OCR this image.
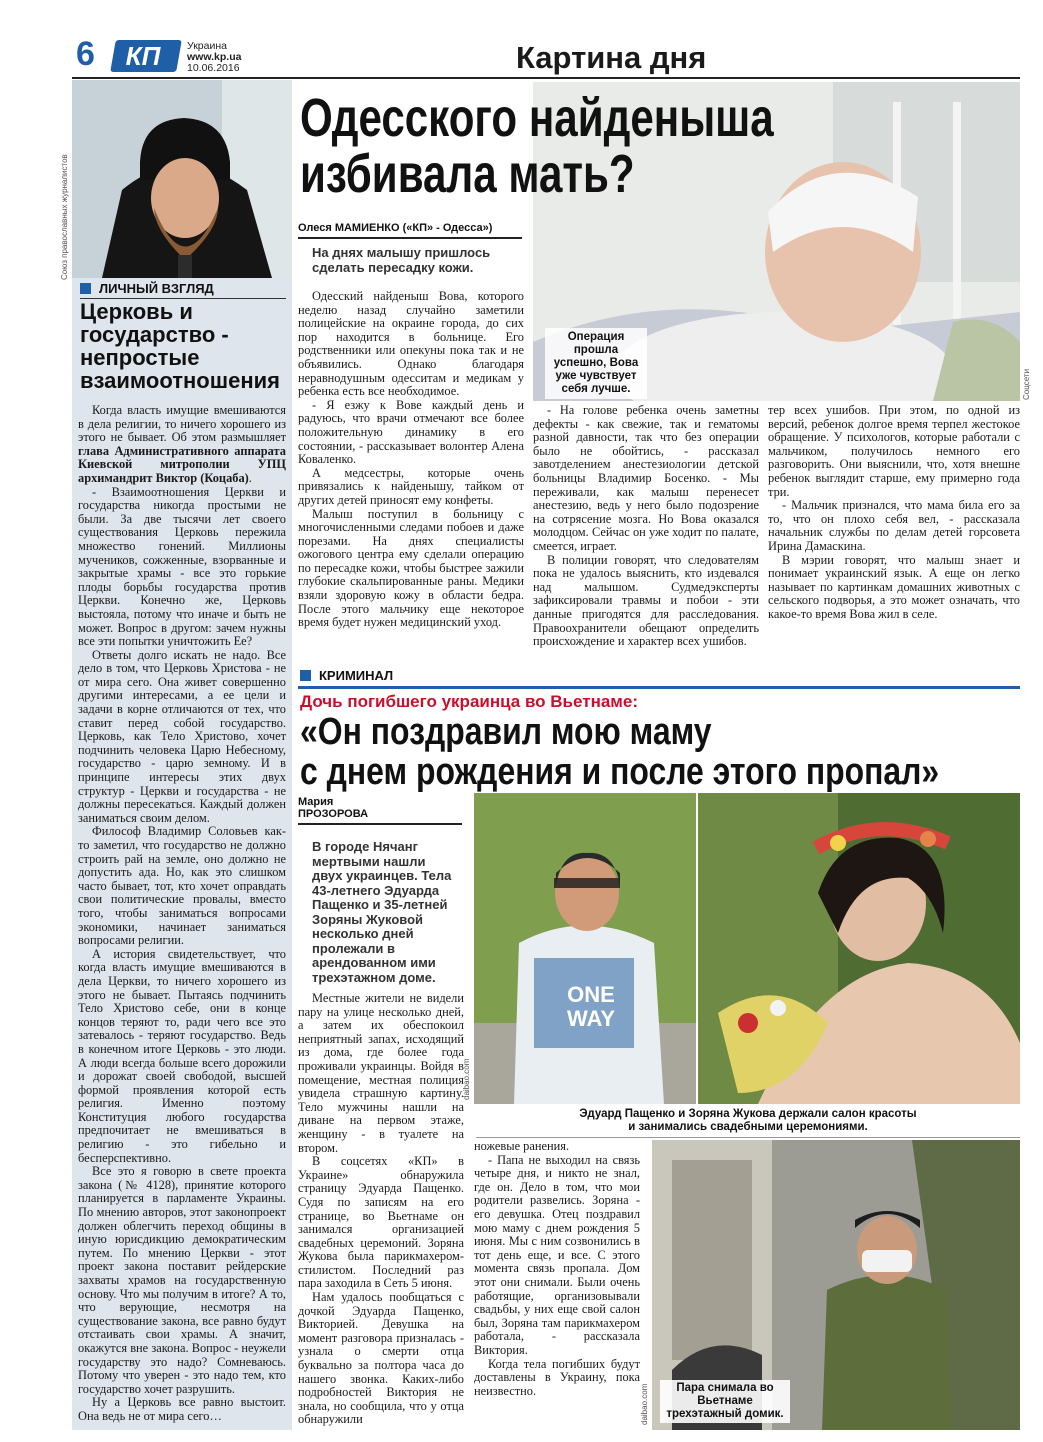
6 КП	Украина
www.kp.ua
10.06.2016	Картина дня
Союз православных журналистов
ЛИЧНЫЙ ВЗГЛЯД
Церковь и государство - непростые взаимоотношения

Когда власть имущие вмешиваются в дела религии, то ничего хорошего из этого не бывает. Об этом размышляет глава Административного аппарата Киевской митрополии УПЦ архимандрит Виктор (Коцаба).

- Взаимоотношения Церкви и государства никогда простыми не были. За две тысячи лет своего существования Церковь пережила множество гонений. Миллионы мучеников, сожженные, взорванные и закрытые храмы - все это горькие плоды борьбы государства против Церкви. Конечно же, Церковь выстояла, потому что иначе и быть не может. Вопрос в другом: зачем нужны все эти попытки уничтожить Ее?

Ответы долго искать не надо. Все дело в том, что Церковь Христова - не от мира сего. Она живет совершенно другими интересами, а ее цели и задачи в корне отличаются от тех, что ставит перед собой государство. Церковь, как Тело Христово, хочет подчинить человека Царю Небесному, государство - царю земному. И в принципе интересы этих двух структур - Церкви и государства - не должны пересекаться. Каждый должен заниматься своим делом.

Философ Владимир Соловьев как-то заметил, что государство не должно строить рай на земле, оно должно не допустить ада. Но, как это слишком часто бывает, тот, кто хочет оправдать свои политические провалы, вместо того, чтобы заниматься вопросами экономики, начинает заниматься вопросами религии.

А история свидетельствует, что когда власть имущие вмешиваются в дела Церкви, то ничего хорошего из этого не бывает. Пытаясь подчинить Тело Христово себе, они в конце концов теряют то, ради чего все это затевалось - теряют государство. Ведь в конечном итоге Церковь - это люди. А люди всегда больше всего дорожили и дорожат своей свободой, высшей формой проявления которой есть религия. Именно поэтому Конституция любого государства предпочитает не вмешиваться в религию - это гибельно и бесперспективно.

Все это я говорю в свете проекта закона (№ 4128), принятие которого планируется в парламенте Украины. По мнению авторов, этот законопроект должен облегчить переход общины в иную юрисдикцию демократическим путем. По мнению Церкви - этот проект закона поставит рейдерские захваты храмов на государственную основу. Что мы получим в итоге? А то, что верующие, несмотря на существование закона, все равно будут отстаивать свои храмы. А значит, окажутся вне закона. Вопрос - неужели государству это надо? Сомневаюсь. Потому что уверен - это надо тем, кто государство хочет разрушить.

Ну а Церковь все равно выстоит. Она ведь не от мира сего…

Соцсети
Операция прошла успешно, Вова уже чувствует себя лучше.
Одесского найденыша
избивала мать?
Олеся МАМИЕНКО («КП» - Одесса»)
На днях малышу пришлось сделать пересадку кожи.

Одесский найденыш Вова, которого неделю назад случайно заметили полицейские на окраине города, до сих пор находится в больнице. Его родственники или опекуны пока так и не объявились. Однако благодаря неравнодушным одесситам и медикам у ребенка есть все необходимое.

- Я езжу к Вове каждый день и радуюсь, что врачи отмечают все более положительную динамику в его состоянии, - рассказывает волонтер Алена Коваленко.

А медсестры, которые очень привязались к найденышу, тайком от других детей приносят ему конфеты.

Малыш поступил в больницу с многочисленными следами побоев и даже порезами. На днях специалисты ожогового центра ему сделали операцию по пересадке кожи, чтобы быстрее зажили глубокие скальпированные раны. Медики взяли здоровую кожу в области бедра. После этого мальчику еще некоторое время будет нужен медицинский уход.

- На голове ребенка очень заметны дефекты - как свежие, так и гематомы разной давности, так что без операции было не обойтись, - рассказал завотделением анестезиологии детской больницы Владимир Босенко. - Мы переживали, как малыш перенесет анестезию, ведь у него было подозрение на сотрясение мозга. Но Вова оказался молодцом. Сейчас он уже ходит по палате, смеется, играет.

В полиции говорят, что следователям пока не удалось выяснить, кто издевался над малышом. Судмедэксперты зафиксировали травмы и побои - эти данные пригодятся для расследования. Правоохранители обещают определить происхождение и характер всех ушибов.

тер всех ушибов. При этом, по одной из версий, ребенок долгое время терпел жестокое обращение. У психологов, которые работали с мальчиком, получилось немного его разговорить. Они выяснили, что, хотя внешне ребенок выглядит старше, ему примерно года три.

- Мальчик признался, что мама била его за то, что он плохо себя вел, - рассказала начальник службы по делам детей горсовета Ирина Дамаскина.

В мэрии говорят, что малыш знает и понимает украинский язык. А еще он легко называет по картинкам домашних животных с сельского подворья, а это может означать, что какое-то время Вова жил в селе.

КРИМИНАЛ
Дочь погибшего украинца во Вьетнаме:
«Он поздравил мою маму
с днем рождения и после этого пропал»
Мария
ПРОЗОРОВА
В городе Нячанг мертвыми нашли двух украинцев. Тела 43-летнего Эдуарда Пащенко и 35-летней Зоряны Жуковой несколько дней пролежали в арендованном ими трехэтажном доме.
ONE WAY
daibao.com
Эдуард Пащенко и Зоряна Жукова держали салон красоты и занимались свадебными церемониями.

Местные жители не видели пару на улице несколько дней, а затем их обеспокоил неприятный запах, исходящий из дома, где более года проживали украинцы. Войдя в помещение, местная полиция увидела страшную картину. Тело мужчины нашли на диване на первом этаже, женщину - в туалете на втором.

В соцсетях «КП» в Украине» обнаружила страницу Эдуарда Пащенко. Судя по записям на его странице, во Вьетнаме он занимался организацией свадебных церемоний. Зоряна Жукова была парикмахером-стилистом. Последний раз пара заходила в Сеть 5 июня.

Нам удалось пообщаться с дочкой Эдуарда Пащенко, Викторией. Девушка на момент разговора призналась - узнала о смерти отца буквально за полтора часа до нашего звонка. Каких-либо подробностей Виктория не знала, но сообщила, что у отца обнаружили

ножевые ранения.

- Папа не выходил на связь четыре дня, и никто не знал, где он. Дело в том, что мои родители развелись. Зоряна - его девушка. Отец поздравил мою маму с днем рождения 5 июня. Мы с ним созвонились в тот день еще, и все. С этого момента связь пропала. Дом этот они снимали. Были очень работящие, организовывали свадьбы, у них еще свой салон был, Зоряна там парикмахером работала, - рассказала Виктория.

Когда тела погибших будут доставлены в Украину, пока неизвестно.	daibao.com	Пара снимала во Вьетнаме трехэтажный домик.
